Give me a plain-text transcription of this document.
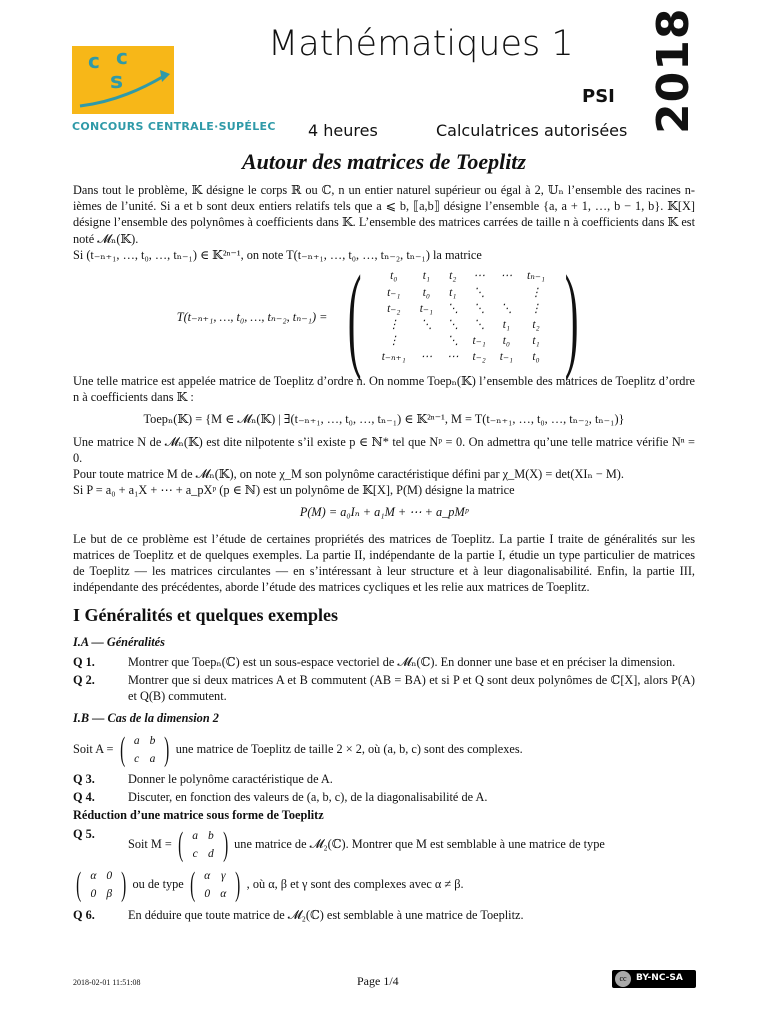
c c
s
CONCOURS CENTRALE·SUPÉLEC
Mathématiques 1
PSI 2018
4 heures	Calculatrices autorisées
Autour des matrices de Toeplitz

Dans tout le problème, 𝕂 désigne le corps ℝ ou ℂ, n un entier naturel supérieur ou égal à 2, 𝕌ₙ l’ensemble des racines n-ièmes de l’unité. Si a et b sont deux entiers relatifs tels que a ⩽ b, ⟦a,b⟧ désigne l’ensemble {a, a + 1, …, b − 1, b}. 𝕂[X] désigne l’ensemble des polynômes à coefficients dans 𝕂. L’ensemble des matrices carrées de taille n à coefficients dans 𝕂 est noté 𝓜ₙ(𝕂).

Si (t₋ₙ₊₁, …, t₀, …, tₙ₋₁) ∈ 𝕂²ⁿ⁻¹, on note T(t₋ₙ₊₁, …, t₀, …, tₙ₋₂, tₙ₋₁) la matrice

T(t₋ₙ₊₁, …, t₀, …, tₙ₋₂, tₙ₋₁) = ( t₀	t₁	t₂	⋯	⋯	tₙ₋₁
t₋₁	t₀	t₁	⋱		⋮
t₋₂	t₋₁	⋱	⋱	⋱	⋮
⋮	⋱	⋱	⋱	t₁	t₂
⋮		⋱	t₋₁	t₀	t₁
t₋ₙ₊₁	⋯	⋯	t₋₂	t₋₁	t₀ )

Une telle matrice est appelée matrice de Toeplitz d’ordre n. On nomme Toepₙ(𝕂) l’ensemble des matrices de Toeplitz d’ordre n à coefficients dans 𝕂 :

Toepₙ(𝕂) = {M ∈ 𝓜ₙ(𝕂) | ∃(t₋ₙ₊₁, …, t₀, …, tₙ₋₁) ∈ 𝕂²ⁿ⁻¹, M = T(t₋ₙ₊₁, …, t₀, …, tₙ₋₂, tₙ₋₁)}

Une matrice N de 𝓜ₙ(𝕂) est dite nilpotente s’il existe p ∈ ℕ* tel que Nᵖ = 0. On admettra qu’une telle matrice vérifie Nⁿ = 0.

Pour toute matrice M de 𝓜ₙ(𝕂), on note χ_M son polynôme caractéristique défini par χ_M(X) = det(XIₙ − M).

Si P = a₀ + a₁X + ⋯ + a_pXᵖ (p ∈ ℕ) est un polynôme de 𝕂[X], P(M) désigne la matrice

P(M) = a₀Iₙ + a₁M + ⋯ + a_pMᵖ

Le but de ce problème est l’étude de certaines propriétés des matrices de Toeplitz. La partie I traite de généralités sur les matrices de Toeplitz et de quelques exemples. La partie II, indépendante de la partie I, étudie un type particulier de matrices de Toeplitz — les matrices circulantes — en s’intéressant à leur structure et à leur diagonalisabilité. Enfin, la partie III, indépendante des précédentes, aborde l’étude des matrices cycliques et les relie aux matrices de Toeplitz.

I Généralités et quelques exemples
I.A — Généralités
Q 1.	Montrer que Toepₙ(ℂ) est un sous-espace vectoriel de 𝓜ₙ(ℂ). En donner une base et en préciser la dimension.
Q 2.	Montrer que si deux matrices A et B commutent (AB = BA) et si P et Q sont deux polynômes de ℂ[X], alors P(A) et Q(B) commutent.
I.B — Cas de la dimension 2
Soit A = ( a	b
c	a ) une matrice de Toeplitz de taille 2 × 2, où (a, b, c) sont des complexes.
Q 3.	Donner le polynôme caractéristique de A.
Q 4.	Discuter, en fonction des valeurs de (a, b, c), de la diagonalisabilité de A.
Réduction d’une matrice sous forme de Toeplitz
Q 5.
Soit M = ( a	b
c	d ) une matrice de 𝓜₂(ℂ). Montrer que M est semblable à une matrice de type
( α	0
0	β ) ou de type ( α	γ
0	α ) , où α, β et γ sont des complexes avec α ≠ β.
Q 6.	En déduire que toute matrice de 𝓜₂(ℂ) est semblable à une matrice de Toeplitz.
2018-02-01 11:51:08	Page 1/4	cc	BY-NC-SA
